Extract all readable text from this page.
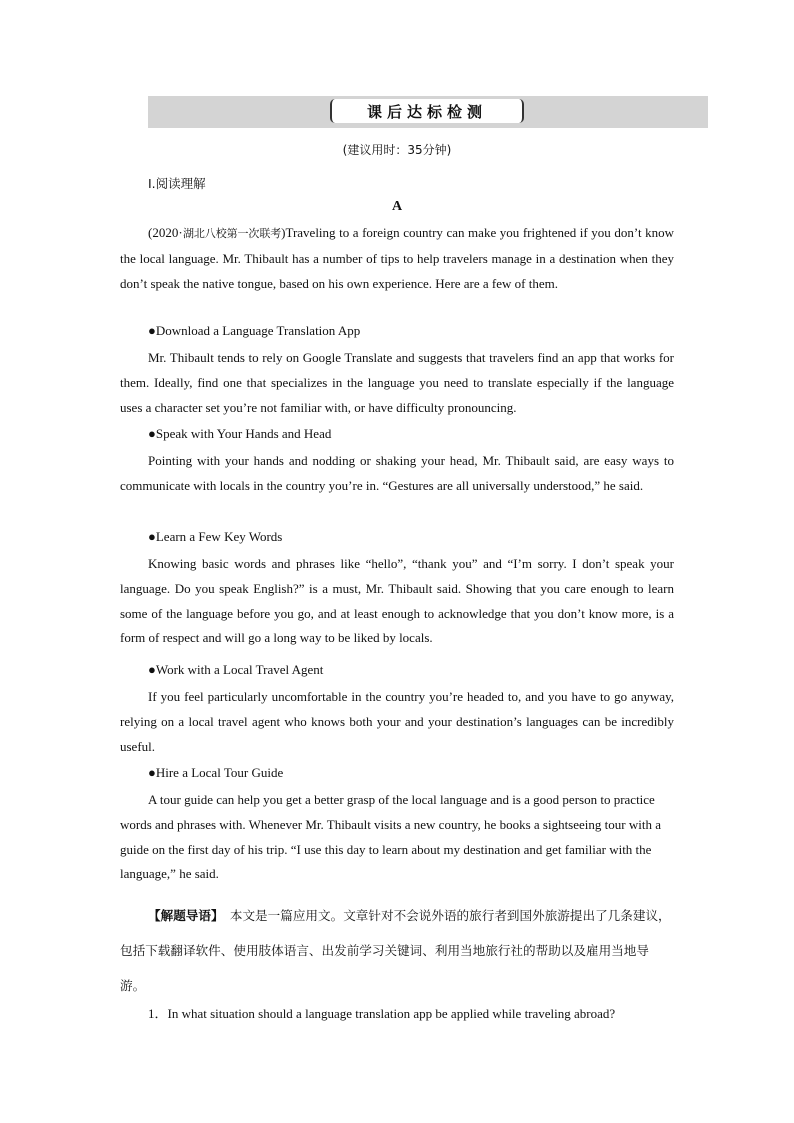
课后达标检测
(建议用时：35分钟)
Ⅰ.阅读理解
A

(2020·湖北八校第一次联考)Traveling to a foreign country can make you frightened if you don’t know the local language. Mr. Thibault has a number of tips to help travelers manage in a destination when they don’t speak the native tongue, based on his own experience. Here are a few of them.

●Download a Language Translation App

Mr. Thibault tends to rely on Google Translate and suggests that travelers find an app that works for them. Ideally, find one that specializes in the language you need to translate especially if the language uses a character set you’re not familiar with, or have difficulty pronouncing.

●Speak with Your Hands and Head

Pointing with your hands and nodding or shaking your head, Mr. Thibault said, are easy ways to communicate with locals in the country you’re in. “Gestures are all universally understood,” he said.

●Learn a Few Key Words

Knowing basic words and phrases like “hello”, “thank you” and “I’m sorry. I don’t speak your language. Do you speak English?” is a must, Mr. Thibault said. Showing that you care enough to learn some of the language before you go, and at least enough to acknowledge that you don’t know more, is a form of respect and will go a long way to be liked by locals.

●Work with a Local Travel Agent

If you feel particularly uncomfortable in the country you’re headed to, and you have to go anyway, relying on a local travel agent who knows both your and your destination’s languages can be incredibly useful.

●Hire a Local Tour Guide

A tour guide can help you get a better grasp of the local language and is a good person to practice words and phrases with. Whenever Mr. Thibault visits a new country, he books a sightseeing tour with a guide on the first day of his trip. “I use this day to learn about my destination and get familiar with the language,” he said.

【解题导语】　 本文是一篇应用文。文章针对不会说外语的旅行者到国外旅游提出了几条建议，包括下载翻译软件、使用肢体语言、出发前学习关键词、利用当地旅行社的帮助以及雇用当地导游。

1．In what situation should a language translation app be applied while traveling abroad?
